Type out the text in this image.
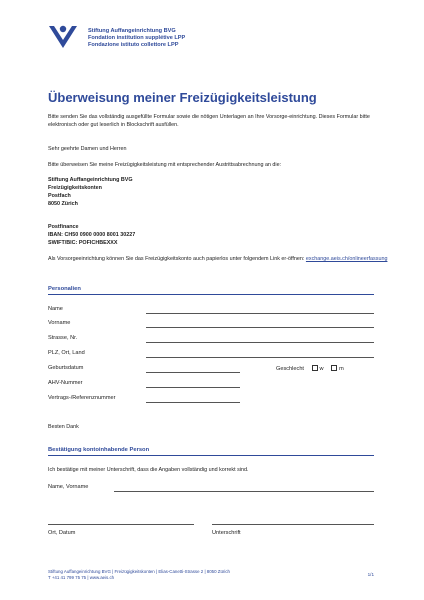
Stiftung Auffangeinrichtung BVG
Fondation institution supplétive LPP
Fondazione istituto collettore LPP
Überweisung meiner Freizügigkeitsleistung
Bitte senden Sie das vollständig ausgefüllte Formular sowie die nötigen Unterlagen an Ihre Vorsorge-einrichtung. Dieses Formular bitte elektronisch oder gut leserlich in Blockschrift ausfüllen.
Sehr geehrte Damen und Herren
Bitte überweisen Sie meine Freizügigkeitsleistung mit entsprechender Austrittsabrechnung an die:
Stiftung Auffangeinrichtung BVG
Freizügigkeitskonten
Postfach
8050 Zürich
Postfinance
IBAN: CH50 0900 0000 8001 30227
SWIFT/BIC: POFICHBEXXX
Als Vorsorgeeinrichtung können Sie das Freizügigkeitskonto auch papierlos unter folgendem Link er-öffnen: exchange.aeis.ch/onlineerfassung
Personalien
Name
Vorname
Strasse, Nr.
PLZ, Ort, Land
Geburtsdatum	Geschlecht	w	m
AHV-Nummer
Vertrags-/Referenznummer
Besten Dank
Bestätigung kontoinhabende Person
Ich bestätige mit meiner Unterschrift, dass die Angaben vollständig und korrekt sind.
Name, Vorname
Ort, Datum	Unterschrift
Stiftung Auffangeinrichtung BVG | Freizügigkeitskonten | Elias-Canetti-Strasse 2 | 8050 Zürich
T +41 41 799 75 75 | www.aeis.ch
1/1
